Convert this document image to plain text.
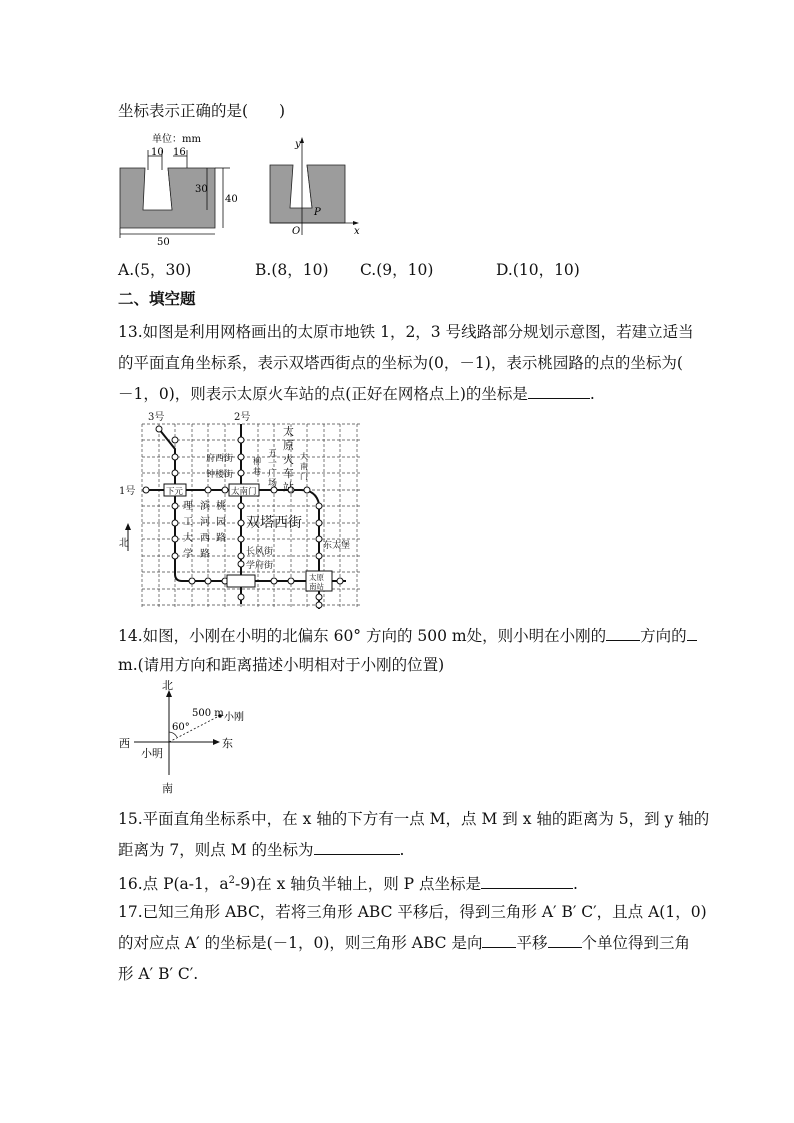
坐标表示正确的是(　　)
单位：mm
10 16
30
40
50
y
x
O
P
A.(5，30)	B.(8，10) C.(9，10)	D.(10，10)
二、填空题
13.如图是利用网格画出的太原市地铁 1，2，3 号线路部分规划示意图，若建立适当
的平面直角坐标系，表示双塔西街点的坐标为(0，－1)，表示桃园路的点的坐标为(
－1，0)，则表示太原火车站的点(正好在网格点上)的坐标是	.
3号	2号
1号
北
府西街
钟楼街
下元	太南门
东太堡
双塔西街
长风街
学府街
太原
南站
理
工
大
学
滨
河
西
路
桃
园
路
柳
巷
五
一
广
场
太
原
火
车
站
大
南
门
14.如图，小刚在小明的北偏东 60° 方向的 500 m处，则小明在小刚的 方向的
m.(请用方向和距离描述小明相对于小刚的位置)
北
南
东
西
500 m
60°
小刚
小明
15.平面直角坐标系中，在 x 轴的下方有一点 M，点 M 到 x 轴的距离为 5，到 y 轴的
距离为 7，则点 M 的坐标为	.
16.点 P(a-1，$a^2-9$)在 x 轴负半轴上，则 P 点坐标是	.
17.已知三角形 ABC，若将三角形 ABC 平移后，得到三角形 A′ B′ C′，且点 A(1，0)
的对应点 A′ 的坐标是(－1，0)，则三角形 ABC 是向 平移 个单位得到三角
形 A′ B′ C′.
